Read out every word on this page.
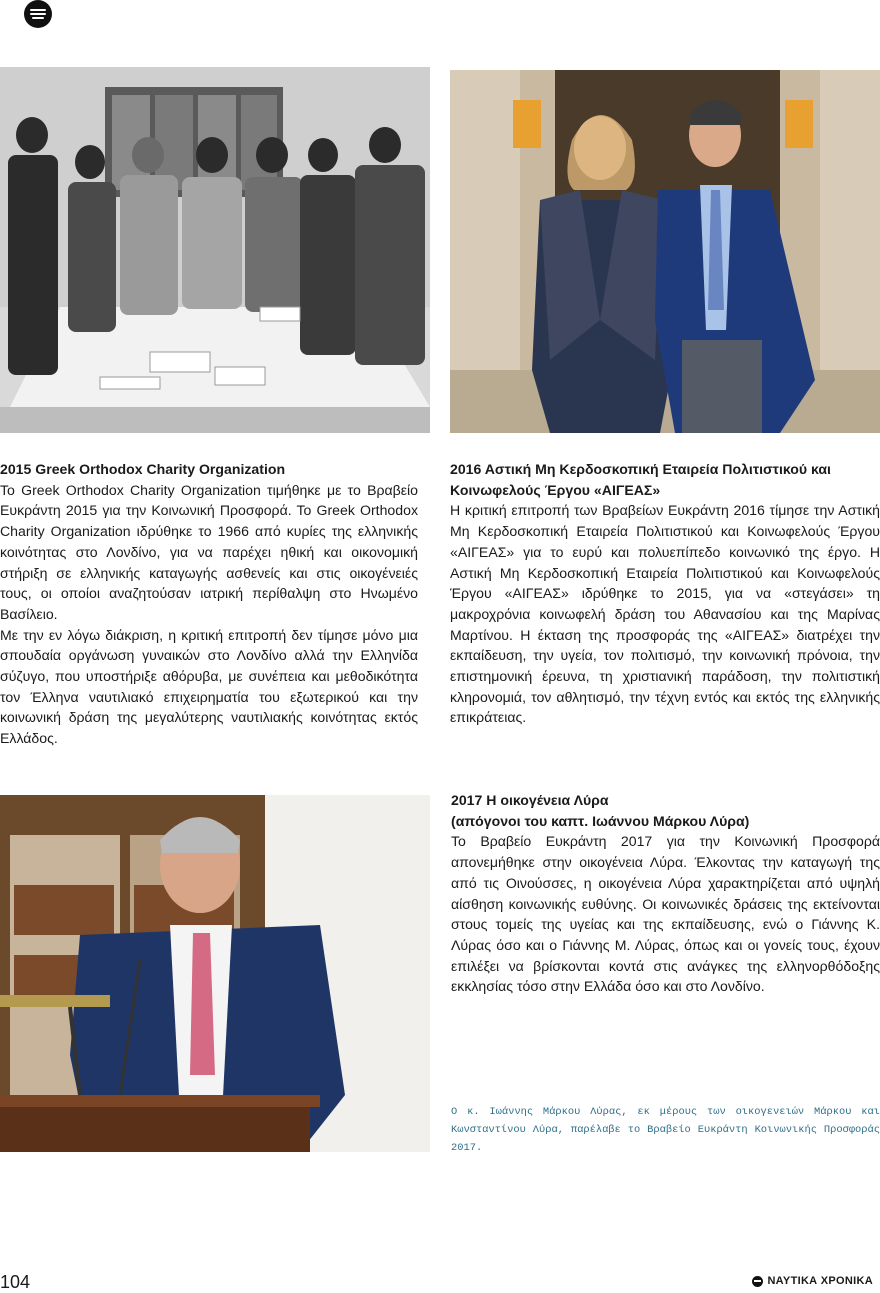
2015 Greek Orthodox Charity Organization

Το Greek Orthodox Charity Organization τιμήθηκε με το Βραβείο Ευκράντη 2015 για την Κοινωνική Προσφορά. Το Greek Orthodox Charity Organization ιδρύθηκε το 1966 από κυρίες της ελληνικής κοινότητας στο Λονδίνο, για να παρέχει ηθική και οικονομική στήριξη σε ελληνικής καταγωγής ασθενείς και στις οικογένειές τους, οι οποίοι αναζητούσαν ιατρική περίθαλψη στο Ηνωμένο Βασίλειο.

Με την εν λόγω διάκριση, η κριτική επιτροπή δεν τίμησε μόνο μια σπουδαία οργάνωση γυναικών στο Λονδίνο αλλά την Ελληνίδα σύζυγο, που υποστήριξε αθόρυβα, με συνέπεια και μεθοδικότητα τον Έλληνα ναυτιλιακό επιχειρηματία του εξωτερικού και την κοινωνική δράση της μεγαλύτερης ναυτιλιακής κοινότητας εκτός Ελλάδος.

2016 Αστική Μη Κερδοσκοπική Εταιρεία Πολιτιστικού και Κοινωφελούς Έργου «ΑΙΓΕΑΣ»

Η κριτική επιτροπή των Βραβείων Ευκράντη 2016 τίμησε την Αστική Μη Κερδοσκοπική Εταιρεία Πολιτιστικού και Κοινωφελούς Έργου «ΑΙΓΕΑΣ» για το ευρύ και πολυεπίπεδο κοινωνικό της έργο. Η Αστική Μη Κερδοσκοπική Εταιρεία Πολιτιστικού και Κοινωφελούς Έργου «ΑΙΓΕΑΣ» ιδρύθηκε το 2015, για να «στεγάσει» τη μακροχρόνια κοινωφελή δράση του Αθανασίου και της Μαρίνας Μαρτίνου. Η έκταση της προσφοράς της «ΑΙΓΕΑΣ» διατρέχει την εκπαίδευση, την υγεία, τον πολιτισμό, την κοινωνική πρόνοια, την επιστημονική έρευνα, τη χριστιανική παράδοση, την πολιτιστική κληρονομιά, τον αθλητισμό, την τέχνη εντός και εκτός της ελληνικής επικράτειας.

2017 Η οικογένεια Λύρα
(απόγονοι του καπτ. Ιωάννου Μάρκου Λύρα)

Το Βραβείο Ευκράντη 2017 για την Κοινωνική Προσφορά απονεμήθηκε στην οικογένεια Λύρα. Έλκοντας την καταγωγή της από τις Οινούσσες, η οικογένεια Λύρα χαρακτηρίζεται από υψηλή αίσθηση κοινωνικής ευθύνης. Οι κοινωνικές δράσεις της εκτείνονται στους τομείς της υγείας και της εκπαίδευσης, ενώ ο Γιάννης Κ. Λύρας όσο και ο Γιάννης Μ. Λύρας, όπως και οι γονείς τους, έχουν επιλέξει να βρίσκονται κοντά στις ανάγκες της ελληνορθόδοξης εκκλησίας τόσο στην Ελλάδα όσο και στο Λονδίνο.

Ο κ. Ιωάννης Μάρκου Λύρας, εκ μέρους των οικογενειών Μάρκου και Κωνσταντίνου Λύρα, παρέλαβε το Βραβείο Ευκράντη Κοινωνικής Προσφοράς 2017.
104	ΝΑΥΤΙΚΑ ΧΡΟΝΙΚΑ
